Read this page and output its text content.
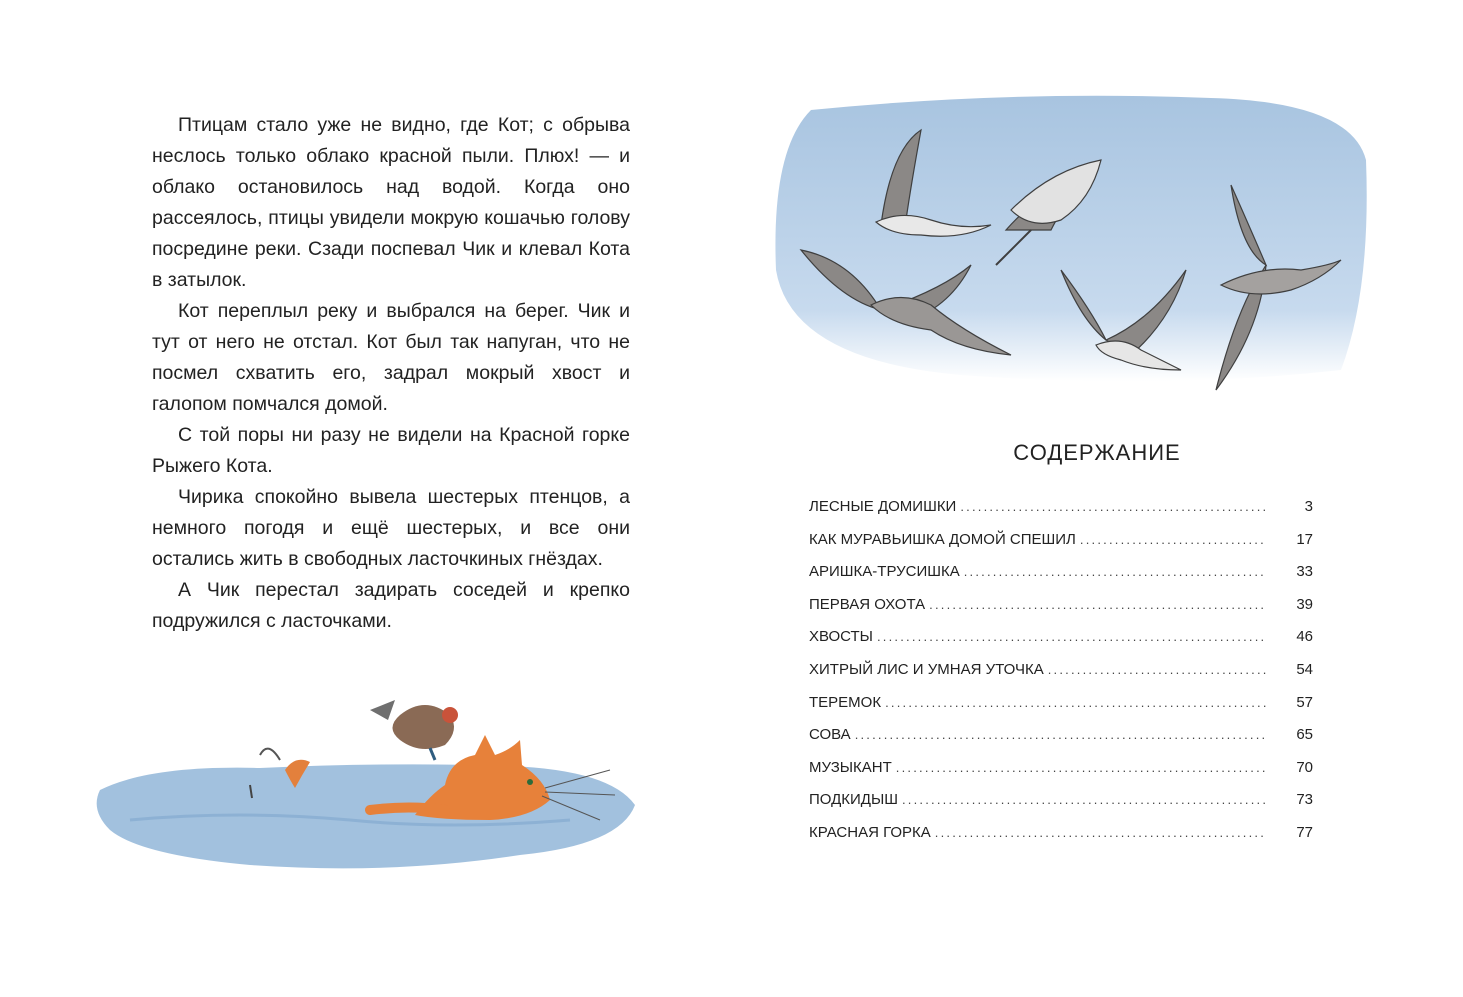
Птицам стало уже не видно, где Кот; с обрыва неслось только облако красной пыли. Плюх! — и облако остановилось над водой. Когда оно рассеялось, птицы увидели мокрую кошачью голову посредине реки. Сзади поспевал Чик и клевал Кота в затылок.

Кот переплыл реку и выбрался на берег. Чик и тут от него не отстал. Кот был так напуган, что не посмел схватить его, задрал мокрый хвост и галопом помчался домой.

С той поры ни разу не видели на Красной горке Рыжего Кота.

Чирика спокойно вывела шестерых птенцов, а немного погодя и ещё шестерых, и все они остались жить в свободных ласточкиных гнёздах.

А Чик перестал задирать соседей и крепко подружился с ласточками.

СОДЕРЖАНИЕ
ЛЕСНЫЕ ДОМИШКИ .....	3
КАК МУРАВЬИШКА ДОМОЙ СПЕШИЛ .....	17
АРИШКА-ТРУСИШКА .....	33
ПЕРВАЯ ОХОТА .....	39
ХВОСТЫ .....	46
ХИТРЫЙ ЛИС И УМНАЯ УТОЧКА .....	54
ТЕРЕМОК .....	57
СОВА .....	65
МУЗЫКАНТ .....	70
ПОДКИДЫШ .....	73
КРАСНАЯ ГОРКА .....	77
